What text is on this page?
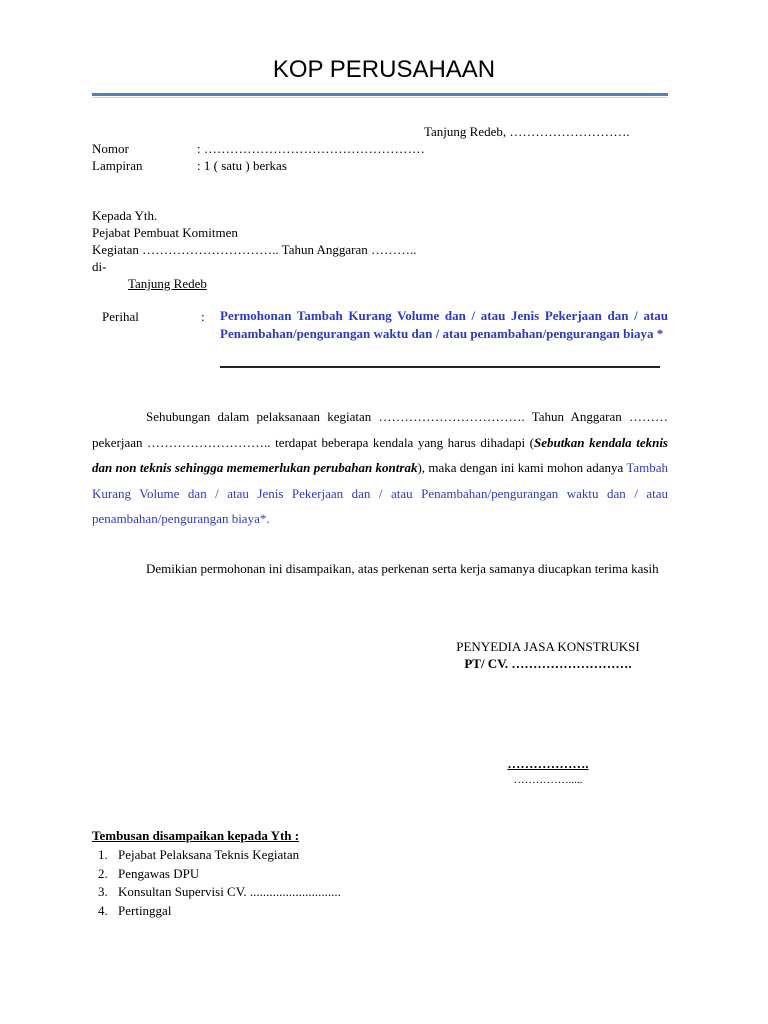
KOP PERUSAHAAN
Tanjung Redeb, ……………………….
Nomor	: ……………………………………………
Lampiran	: 1 ( satu ) berkas
Kepada Yth.
Pejabat Pembuat Komitmen
Kegiatan ………………………….. Tahun Anggaran ………..
di-
Tanjung Redeb
Perihal	: Permohonan Tambah Kurang Volume dan / atau Jenis Pekerjaan dan / atau Penambahan/pengurangan waktu dan / atau penambahan/pengurangan biaya *
Sehubungan dalam pelaksanaan kegiatan ……………………………. Tahun Anggaran ……… pekerjaan ……………………….. terdapat beberapa kendala yang harus dihadapi (Sebutkan kendala teknis dan non teknis sehingga mememerlukan perubahan kontrak), maka dengan ini kami mohon adanya Tambah Kurang Volume dan / atau Jenis Pekerjaan dan / atau Penambahan/pengurangan waktu dan / atau penambahan/pengurangan biaya*.
Demikian permohonan ini disampaikan, atas perkenan serta kerja samanya diucapkan terima kasih
PENYEDIA JASA KONSTRUKSI
PT/ CV. ……………………….
……………….
…………….....
Tembusan disampaikan kepada Yth :
1. Pejabat Pelaksana Teknis Kegiatan
2. Pengawas DPU
3. Konsultan Supervisi CV. ............................
4. Pertinggal
